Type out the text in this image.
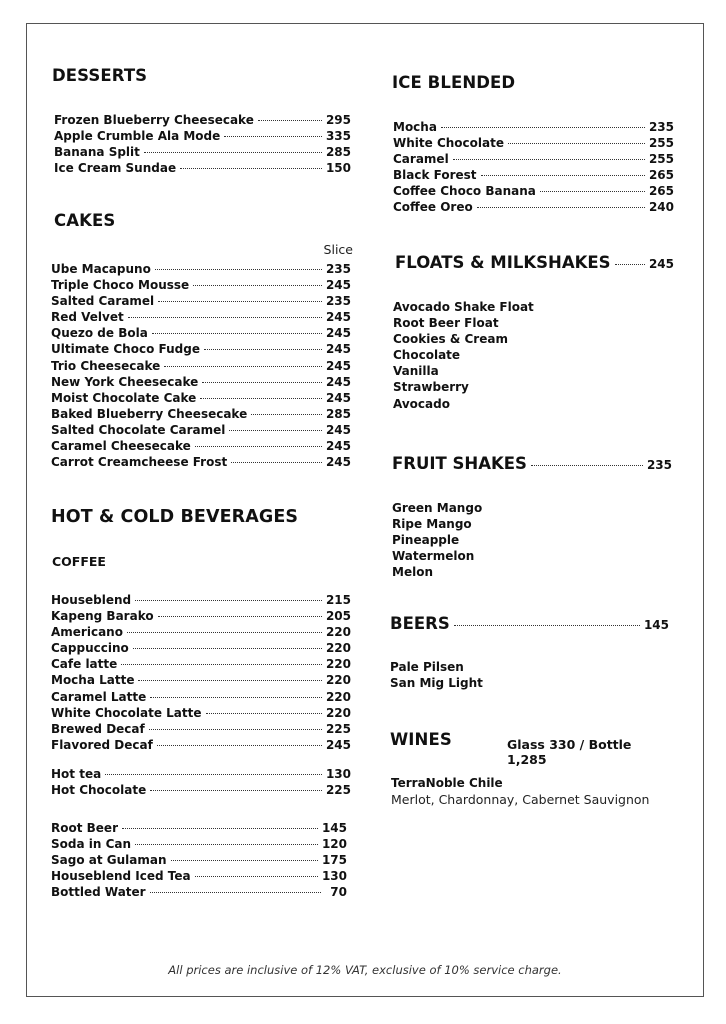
DESSERTS
Frozen Blueberry Cheesecake	295
Apple Crumble Ala Mode	335
Banana Split	285
Ice Cream Sundae	150
CAKES
Slice
Ube Macapuno	235
Triple Choco Mousse	245
Salted Caramel	235
Red Velvet	245
Quezo de Bola	245
Ultimate Choco Fudge	245
Trio Cheesecake	245
New York Cheesecake	245
Moist Chocolate Cake	245
Baked Blueberry Cheesecake	285
Salted Chocolate Caramel	245
Caramel Cheesecake	245
Carrot Creamcheese Frost	245
HOT & COLD BEVERAGES
COFFEE
Houseblend	215
Kapeng Barako	205
Americano	220
Cappuccino	220
Cafe latte	220
Mocha Latte	220
Caramel Latte	220
White Chocolate Latte	220
Brewed Decaf	225
Flavored Decaf	245
Hot tea	130
Hot Chocolate	225
Root Beer	145
Soda in Can	120
Sago at Gulaman	175
Houseblend Iced Tea	130
Bottled Water	70
ICE BLENDED
Mocha	235
White Chocolate	255
Caramel	255
Black Forest	265
Coffee Choco Banana	265
Coffee Oreo	240
FLOATS & MILKSHAKES	245
Avocado Shake Float
Root Beer Float
Cookies & Cream
Chocolate
Vanilla
Strawberry
Avocado
FRUIT SHAKES	235
Green Mango
Ripe Mango
Pineapple
Watermelon
Melon
BEERS	145
Pale Pilsen
San Mig Light
WINES	Glass 330 / Bottle 1,285
TerraNoble Chile
Merlot, Chardonnay, Cabernet Sauvignon
All prices are inclusive of 12% VAT, exclusive of 10% service charge.
